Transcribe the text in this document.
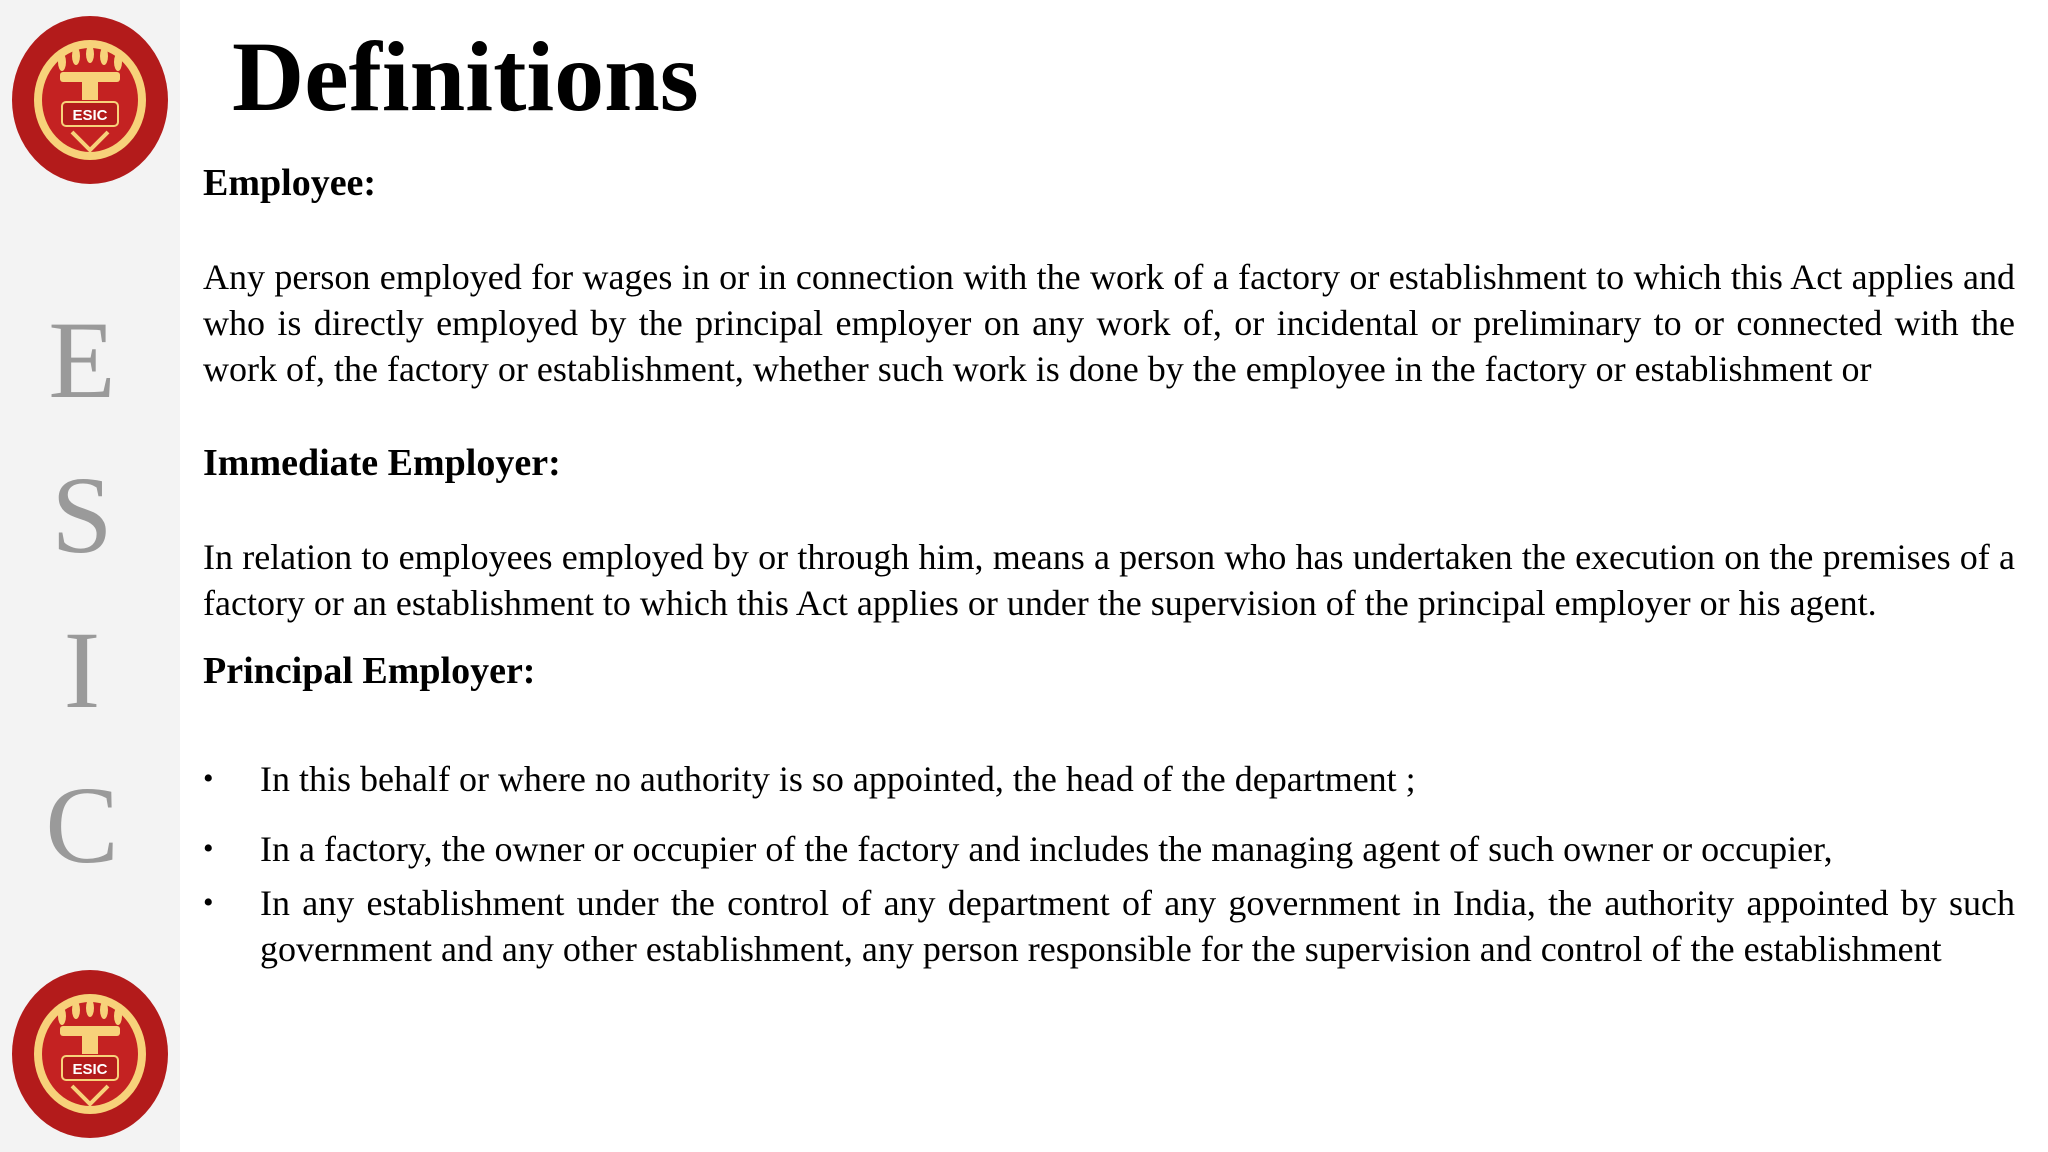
ESIC
ESIC
E
S
I
C
Definitions

Employee:

Any person employed for wages in or in connection with the work of a factory or establishment to which this Act applies and who is directly employed by the principal employer on any work of, or incidental or preliminary to or connected with the work of, the factory or establishment, whether such work is done by the employee in the factory or establishment or

Immediate Employer:

In relation to employees employed by or through him, means a person who has undertaken the execution on the premises of a factory or an establishment to which this Act applies or under the supervision of the principal employer or his agent.

Principal Employer:

• In this behalf or where no authority is so appointed, the head of the department ;
• In a factory, the owner or occupier of the factory and includes the managing agent of such owner or occupier,
• In any establishment under the control of any department of any government in India, the authority appointed by such government and any other establishment, any person responsible for the supervision and control of the establishment
